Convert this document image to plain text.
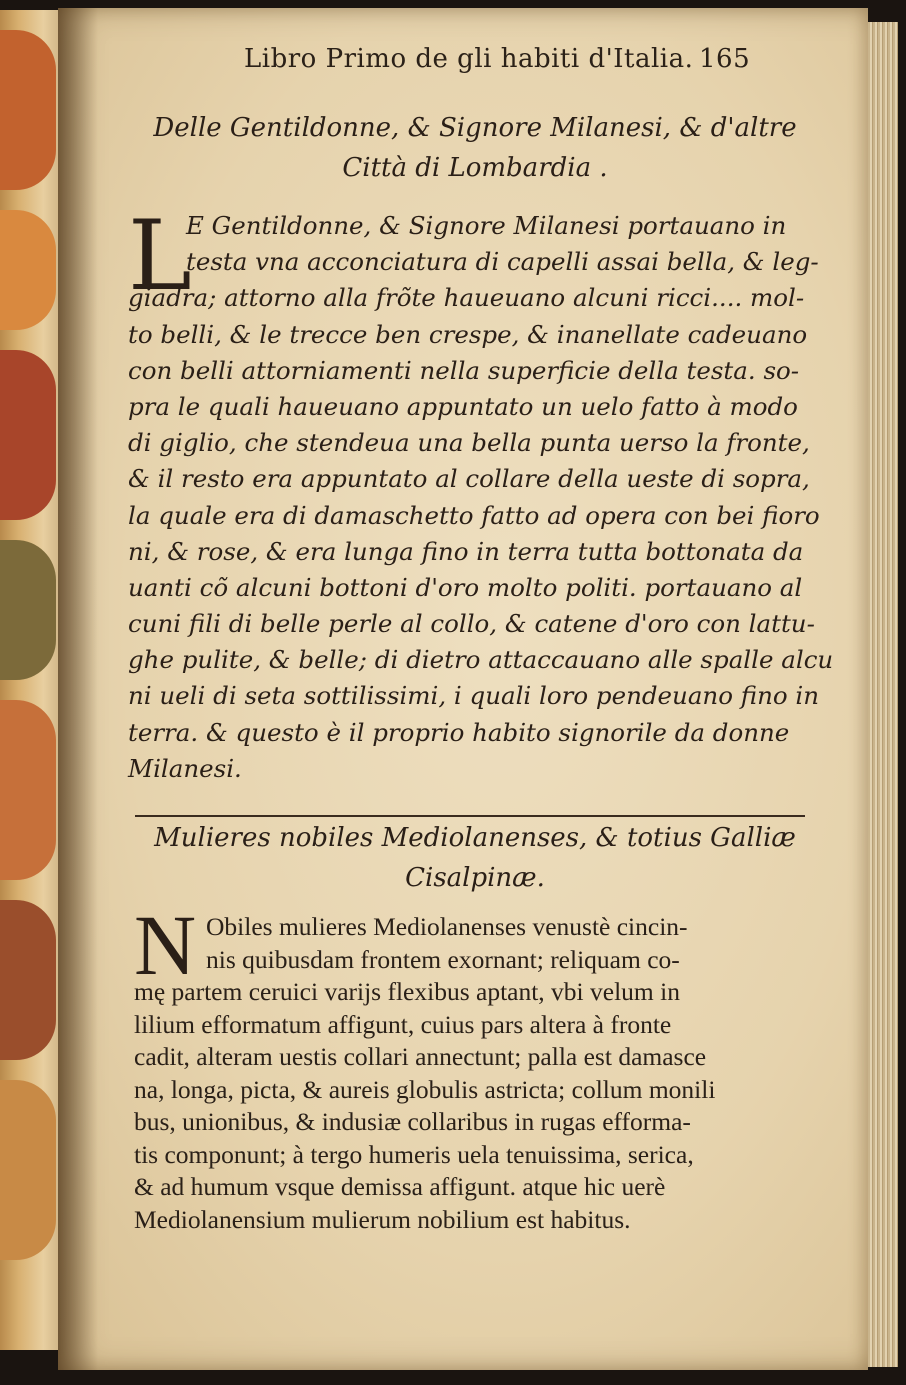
Libro Primo de gli habiti d'Italia. 165
Delle Gentildonne, & Signore Milanesi, & d'altre
Città di Lombardia .
L
E Gentildonne, & Signore Milanesi portauano in
testa vna acconciatura di capelli assai bella, & leg-
giadra; attorno alla frõte haueuano alcuni ricci.... mol-
to belli, & le trecce ben crespe, & inanellate cadeuano
con belli attorniamenti nella superficie della testa. so-
pra le quali haueuano appuntato un uelo fatto à modo
di giglio, che stendeua una bella punta uerso la fronte,
& il resto era appuntato al collare della ueste di sopra,
la quale era di damaschetto fatto ad opera con bei fioro
ni, & rose, & era lunga fino in terra tutta bottonata da
uanti cõ alcuni bottoni d'oro molto politi. portauano al
cuni fili di belle perle al collo, & catene d'oro con lattu-
ghe pulite, & belle; di dietro attaccauano alle spalle alcu
ni ueli di seta sottilissimi, i quali loro pendeuano fino in
terra. & questo è il proprio habito signorile da donne
Milanesi.
Mulieres nobiles Mediolanenses, & totius Galliæ
Cisalpinæ.
N Obiles mulieres Mediolanenses venustè cincin-
nis quibusdam frontem exornant; reliquam co-
mę partem ceruici varijs flexibus aptant, vbi velum in
lilium efformatum affigunt, cuius pars altera à fronte
cadit, alteram uestis collari annectunt; palla est damasce
na, longa, picta, & aureis globulis astricta; collum monili
bus, unionibus, & indusiæ collaribus in rugas efforma-
tis componunt; à tergo humeris uela tenuissima, serica,
& ad humum vsque demissa affigunt. atque hic uerè
Mediolanensium mulierum nobilium est habitus.
